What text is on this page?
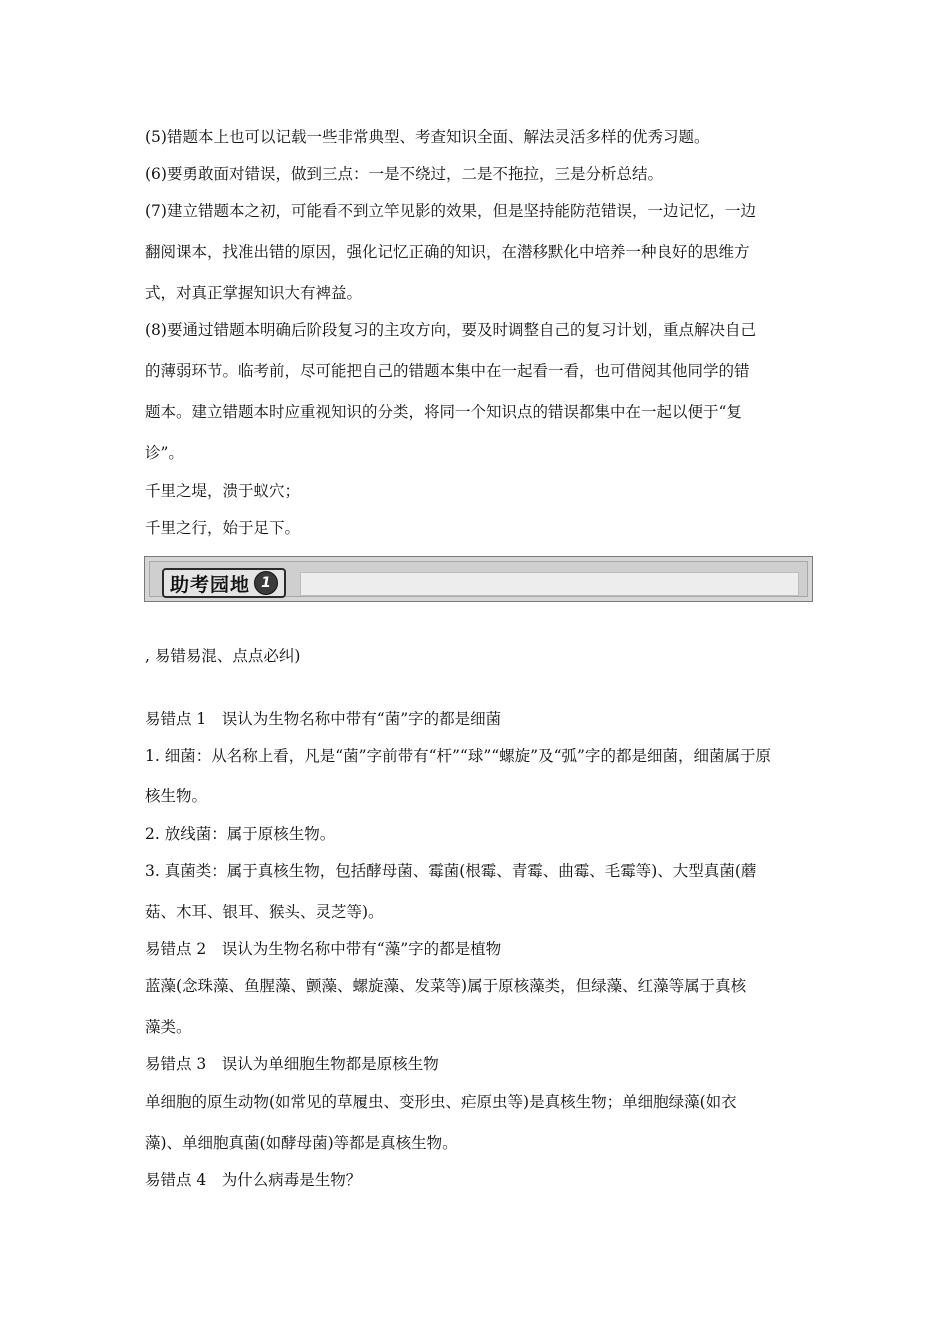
(5)错题本上也可以记载一些非常典型、考查知识全面、解法灵活多样的优秀习题。
(6)要勇敢面对错误，做到三点：一是不绕过，二是不拖拉，三是分析总结。
(7)建立错题本之初，可能看不到立竿见影的效果，但是坚持能防范错误，一边记忆，一边
翻阅课本，找准出错的原因，强化记忆正确的知识，在潜移默化中培养一种良好的思维方
式，对真正掌握知识大有裨益。
(8)要通过错题本明确后阶段复习的主攻方向，要及时调整自己的复习计划，重点解决自己
的薄弱环节。临考前，尽可能把自己的错题本集中在一起看一看，也可借阅其他同学的错
题本。建立错题本时应重视知识的分类，将同一个知识点的错误都集中在一起以便于“复
诊”。
千里之堤，溃于蚁穴；
千里之行，始于足下。
助考园地 1
, 易错易混、点点必纠)
易错点 1　误认为生物名称中带有“菌”字的都是细菌
1. 细菌：从名称上看，凡是“菌”字前带有“杆”“球”“螺旋”及“弧”字的都是细菌，细菌属于原
核生物。
2. 放线菌：属于原核生物。
3. 真菌类：属于真核生物，包括酵母菌、霉菌(根霉、青霉、曲霉、毛霉等)、大型真菌(蘑
菇、木耳、银耳、猴头、灵芝等)。
易错点 2　误认为生物名称中带有“藻”字的都是植物
蓝藻(念珠藻、鱼腥藻、颤藻、螺旋藻、发菜等)属于原核藻类，但绿藻、红藻等属于真核
藻类。
易错点 3　误认为单细胞生物都是原核生物
单细胞的原生动物(如常见的草履虫、变形虫、疟原虫等)是真核生物；单细胞绿藻(如衣
藻)、单细胞真菌(如酵母菌)等都是真核生物。
易错点 4　为什么病毒是生物？
